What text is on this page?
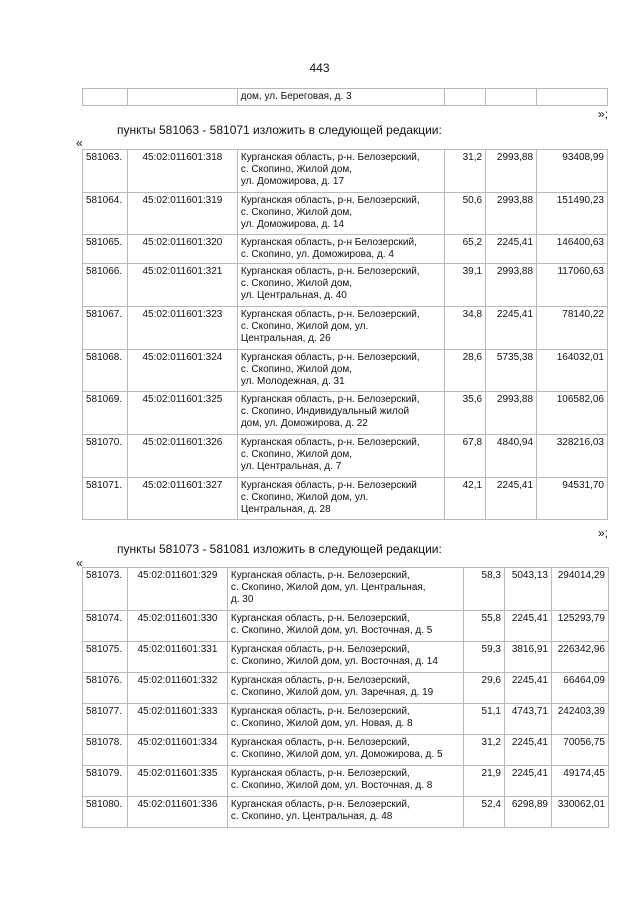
443
		дом, ул. Береговая, д. 3			
»;
пункты 581063 - 581071 изложить в следующей редакции:
«
581063.	45:02:011601:318	Курганская область, р-н. Белозерский,
с. Скопино, Жилой дом,
ул. Доможирова, д. 17	31,2	2993,88	93408,99
581064.	45:02:011601:319	Курганская область, р-н. Белозерский,
с. Скопино, Жилой дом,
ул. Доможирова, д. 14	50,6	2993,88	151490,23
581065.	45:02:011601:320	Курганская область, р-н Белозерский,
с. Скопино, ул. Доможирова, д. 4	65,2	2245,41	146400,63
581066.	45:02:011601:321	Курганская область, р-н. Белозерский,
с. Скопино, Жилой дом,
ул. Центральная, д. 40	39,1	2993,88	117060,63
581067.	45:02:011601:323	Курганская область, р-н. Белозерский,
с. Скопино, Жилой дом, ул.
Центральная, д. 26	34,8	2245,41	78140,22
581068.	45:02:011601:324	Курганская область, р-н. Белозерский,
с. Скопино, Жилой дом,
ул. Молодежная, д. 31	28,6	5735,38	164032,01
581069.	45:02:011601:325	Курганская область, р-н. Белозерский,
с. Скопино, Индивидуальный жилой
дом, ул. Доможирова, д. 22	35,6	2993,88	106582,06
581070.	45:02:011601:326	Курганская область, р-н. Белозерский,
с. Скопино, Жилой дом,
ул. Центральная, д. 7	67,8	4840,94	328216,03
581071.	45:02:011601:327	Курганская область, р-н. Белозерский
с. Скопино, Жилой дом, ул.
Центральная, д. 28	42,1	2245,41	94531,70
»;
пункты 581073 - 581081 изложить в следующей редакции:
«
581073.	45:02:011601:329	Курганская область, р-н. Белозерский,
с. Скопино, Жилой дом, ул. Центральная,
д. 30	58,3	5043,13	294014,29
581074.	45:02:011601:330	Курганская область, р-н. Белозерский,
с. Скопино, Жилой дом, ул. Восточная, д. 5	55,8	2245,41	125293,79
581075.	45:02:011601:331	Курганская область, р-н. Белозерский,
с. Скопино, Жилой дом, ул. Восточная, д. 14	59,3	3816,91	226342,96
581076.	45:02:011601:332	Курганская область, р-н. Белозерский,
с. Скопино, Жилой дом, ул. Заречная, д. 19	29,6	2245,41	66464,09
581077.	45:02:011601:333	Курганская область, р-н. Белозерский,
с. Скопино, Жилой дом, ул. Новая, д. 8	51,1	4743,71	242403,39
581078.	45:02:011601:334	Курганская область, р-н. Белозерский,
с. Скопино, Жилой дом, ул. Доможирова, д. 5	31,2	2245,41	70056,75
581079.	45:02:011601:335	Курганская область, р-н. Белозерский,
с. Скопино, Жилой дом, ул. Восточная, д. 8	21,9	2245,41	49174,45
581080.	45:02:011601:336	Курганская область, р-н. Белозерский,
с. Скопино, ул. Центральная, д. 48	52,4	6298,89	330062,01
